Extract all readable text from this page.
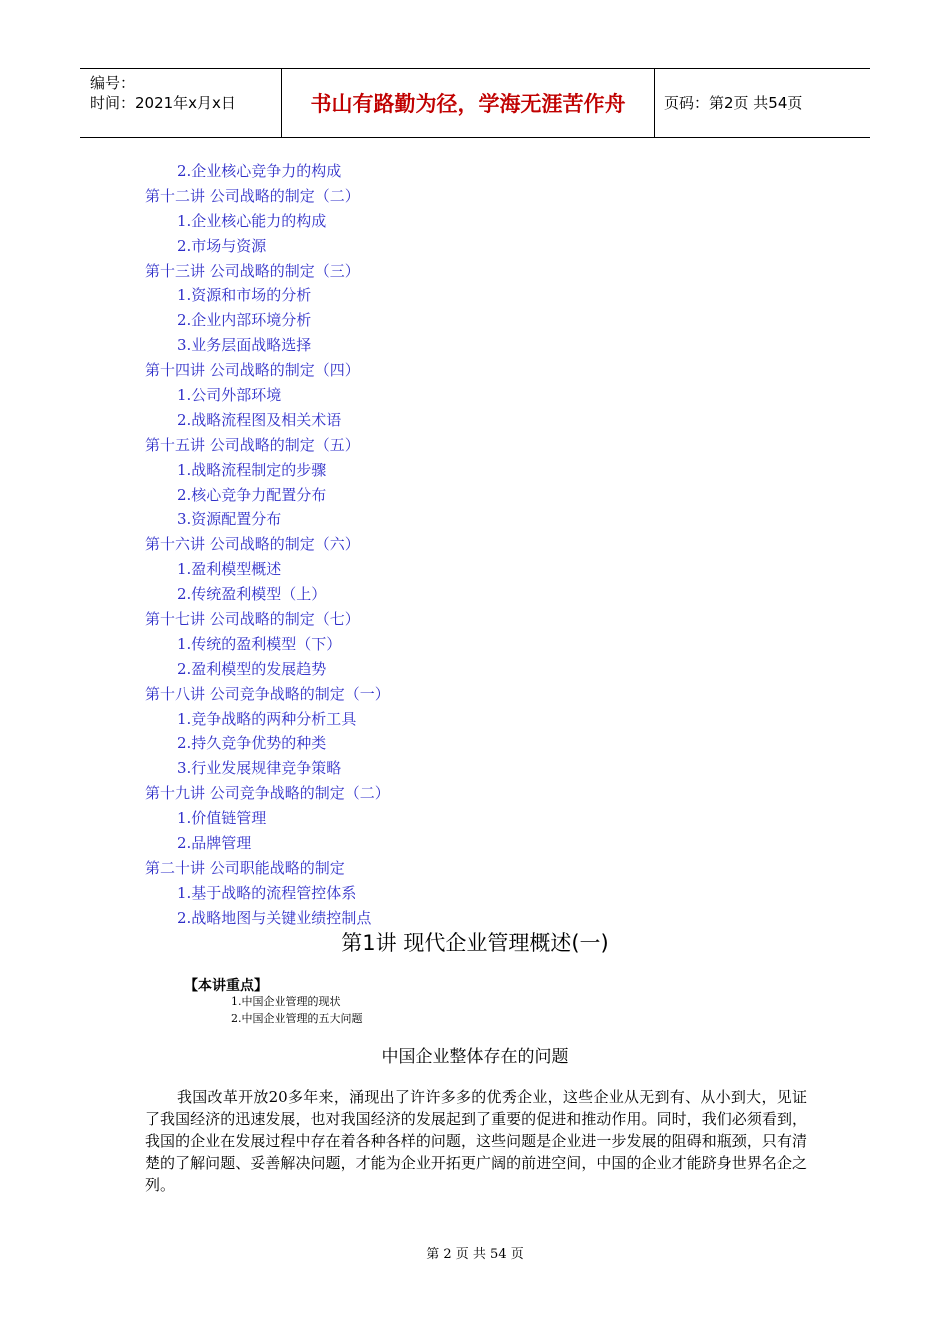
编号：
时间：2021年x月x日	书山有路勤为径，学海无涯苦作舟	页码：第2页 共54页
2.企业核心竞争力的构成
第十二讲 公司战略的制定（二）
1.企业核心能力的构成
2.市场与资源
第十三讲 公司战略的制定（三）
1.资源和市场的分析
2.企业内部环境分析
3.业务层面战略选择
第十四讲 公司战略的制定（四）
1.公司外部环境
2.战略流程图及相关术语
第十五讲 公司战略的制定（五）
1.战略流程制定的步骤
2.核心竞争力配置分布
3.资源配置分布
第十六讲 公司战略的制定（六）
1.盈利模型概述
2.传统盈利模型（上）
第十七讲 公司战略的制定（七）
1.传统的盈利模型（下）
2.盈利模型的发展趋势
第十八讲 公司竞争战略的制定（一）
1.竞争战略的两种分析工具
2.持久竞争优势的种类
3.行业发展规律竞争策略
第十九讲 公司竞争战略的制定（二）
1.价值链管理
2.品牌管理
第二十讲 公司职能战略的制定
1.基于战略的流程管控体系
2.战略地图与关键业绩控制点
第1讲 现代企业管理概述(一)
【本讲重点】
1.中国企业管理的现状
2.中国企业管理的五大问题
中国企业整体存在的问题
我国改革开放20多年来，涌现出了许许多多的优秀企业，这些企业从无到有、从小到大，见证了我国经济的迅速发展，也对我国经济的发展起到了重要的促进和推动作用。同时，我们必须看到，我国的企业在发展过程中存在着各种各样的问题，这些问题是企业进一步发展的阻碍和瓶颈，只有清楚的了解问题、妥善解决问题，才能为企业开拓更广阔的前进空间，中国的企业才能跻身世界名企之列。
第 2 页 共 54 页
